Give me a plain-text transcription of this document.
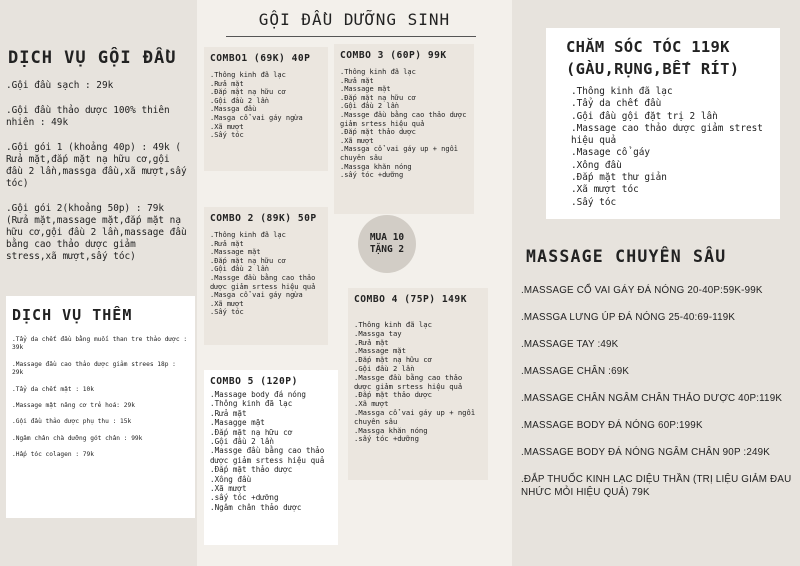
GỘI ĐẦU DƯỠNG SINH
DỊCH VỤ GỘI ĐẦU

.Gội đầu sạch : 29k

.Gội đầu thảo dược 100% thiên nhiên : 49k

.Gội gói 1 (khoảng 40p) : 49k ( Rửa mặt,đắp mặt nạ hữu cơ,gội đầu 2 lần,massga đầu,xã mượt,sấy tóc)

.Gội gói 2(khoảng 50p) : 79k (Rửa mặt,massage mặt,đắp mặt nạ hữu cơ,gội đầu 2 lần,massage đầu bằng cao thảo dược giảm stress,xã mượt,sấy tóc)

DỊCH VỤ THÊM

.Tẩy da chết đầu bằng muối than tre thảo dược : 39k

.Massage đầu cao thảo dược giảm strees 18p : 29k

.Tẩy da chết mặt : 10k

.Massage mặt nâng cơ trẻ hoá: 29k

.Gội đầu thảo dược phụ thu : 15k

.Ngâm chân chà dưỡng gót chân : 99k

.Hấp tóc colagen : 79k

COMBO1 (69K) 40P
.Thông kinh đã lạc
.Rửa mặt
.Đắp mặt nạ hữu cơ
.Gội đầu 2 lần
.Massga đầu
.Masga cổ vai gáy ngừa
.Xã mượt
.Sấy tóc
COMBO 3 (60P) 99K
.Thông kinh đã lạc
.Rửa mặt
.Massage mặt
.Đắp mặt nạ hữu cơ
.Gội đầu 2 lần
.Massge đầu bằng cao thảo dược giảm srtess hiệu quả
.Đắp mặt thảo dược
.Xã mượt
.Massga cổ vai gáy up + ngồi chuyên sâu
.Massga khăn nóng
.sấy tóc +dưỡng
COMBO 2 (89K) 50P
.Thông kinh đã lạc
.Rửa mặt
.Massage mặt
.Đắp mặt nạ hữu cơ
.Gội đầu 2 lần
.Massge đầu bằng cao thảo dược giảm srtess hiệu quả
.Masga cổ vai gáy ngừa
.Xã mượt
.Sấy tóc
MUA 10
TẶNG 2
COMBO 4 (75P) 149K
.Thông kinh đã lạc
.Massga tay
.Rửa mặt
.Massage mặt
.Đắp mặt nạ hữu cơ
.Gội đầu 2 lần
.Massge đầu bằng cao thảo dược giảm srtess hiệu quả
.Đắp mặt thảo dược
.Xã mượt
.Massga cổ vai gáy up + ngồi chuyên sâu
.Massga khăn nóng
.sấy tóc +dưỡng
COMBO 5 (120P)
.Massage body đá nóng
.Thông kinh đã lạc
.Rửa mặt
.Masagge mặt
.Đắp mặt nạ hữu cơ
.Gội đầu 2 lần
.Massge đầu bằng cao thảo dược giảm srtess hiệu quả
.Đắp mặt thảo dược
.Xông đầu
.Xã mượt
.sấy tóc +dưỡng
.Ngâm chân thảo dược
CHĂM SÓC TÓC 119K (GÀU,RỤNG,BẾT RÍT)
.Thông kinh đã lạc
.Tẩy da chết đầu
.Gội đầu gội đặt trị 2 lần
.Massage cao thảo dược giảm strest hiệu quả
.Masage cổ gáy
.Xông đầu
.Đắp mặt thư giản
.Xã mượt tóc
.Sấy tóc
MASSAGE CHUYÊN SÂU

.MASSAGE CỔ VAI GÁY ĐÁ NÓNG 20-40P:59K-99K

.MASSGA LƯNG ÚP ĐÁ NÓNG 25-40:69-119K

.MASSAGE TAY :49K

.MASSAGE CHÂN :69K

.MASSAGE CHÂN NGÂM CHÂN THẢO DƯỢC 40P:119K

.MASSAGE BODY ĐÁ NÓNG 60P:199K

.MASSAGE BODY ĐÁ NÓNG NGÂM CHÂN 90P :249K

.ĐẮP THUỐC KINH LẠC DIỆU THẦN (TRỊ LIỆU GIẢM ĐAU NHỨC MỎI HIỆU QUẢ) 79K
